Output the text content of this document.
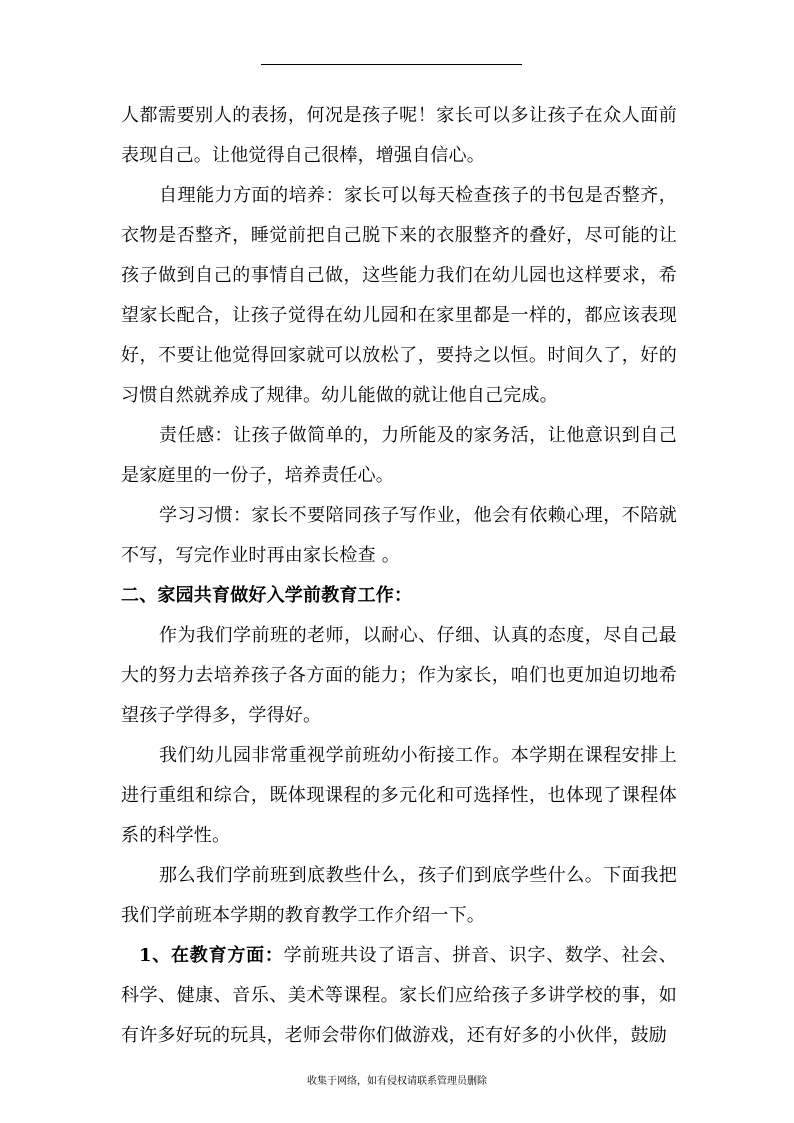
人都需要别人的表扬，何况是孩子呢！家长可以多让孩子在众人面前表现自己。让他觉得自己很棒，增强自信心。

自理能力方面的培养：家长可以每天检查孩子的书包是否整齐，衣物是否整齐，睡觉前把自己脱下来的衣服整齐的叠好，尽可能的让孩子做到自己的事情自己做，这些能力我们在幼儿园也这样要求，希望家长配合，让孩子觉得在幼儿园和在家里都是一样的，都应该表现好，不要让他觉得回家就可以放松了，要持之以恒。时间久了，好的习惯自然就养成了规律。幼儿能做的就让他自己完成。

责任感：让孩子做简单的，力所能及的家务活，让他意识到自己是家庭里的一份子，培养责任心。

学习习惯：家长不要陪同孩子写作业，他会有依赖心理，不陪就不写，写完作业时再由家长检查 。

二、家园共育做好入学前教育工作：

作为我们学前班的老师，以耐心、仔细、认真的态度，尽自己最大的努力去培养孩子各方面的能力；作为家长，咱们也更加迫切地希望孩子学得多，学得好。

我们幼儿园非常重视学前班幼小衔接工作。本学期在课程安排上进行重组和综合，既体现课程的多元化和可选择性，也体现了课程体系的科学性。

那么我们学前班到底教些什么，孩子们到底学些什么。下面我把我们学前班本学期的教育教学工作介绍一下。

1、在教育方面：学前班共设了语言、拼音、识字、数学、社会、科学、健康、音乐、美术等课程。家长们应给孩子多讲学校的事，如有许多好玩的玩具，老师会带你们做游戏，还有好多的小伙伴，鼓励

收集于网络，如有侵权请联系管理员删除
